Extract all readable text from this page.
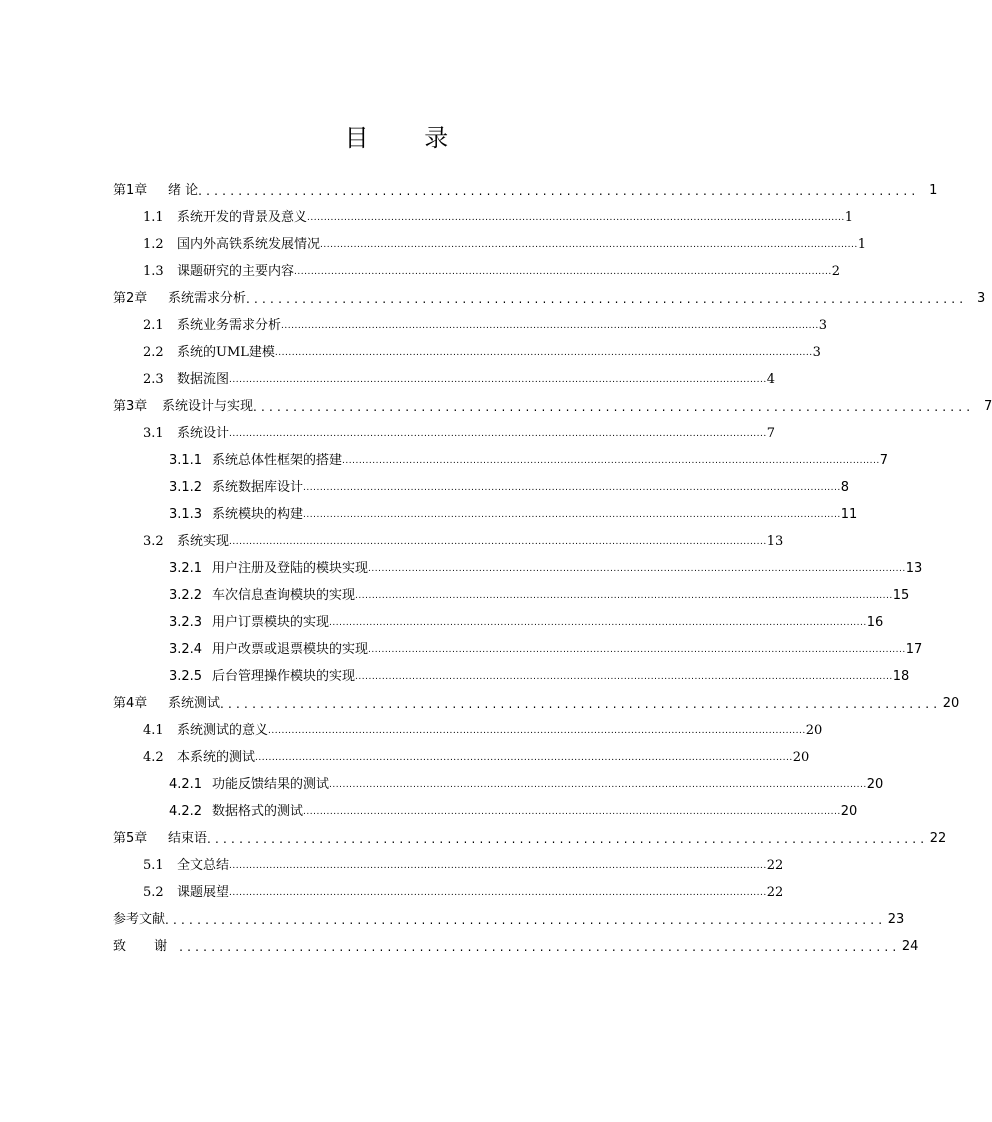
目 录
第1章	绪 论 .......................................................................................... 1
1.1	系统开发的背景及意义 ................................................................................................................................................................ 1
1.2	国内外高铁系统发展情况 ................................................................................................................................................................ 1
1.3	课题研究的主要内容 ................................................................................................................................................................ 2
第2章	系统需求分析 .......................................................................................... 3
2.1	系统业务需求分析 ................................................................................................................................................................ 3
2.2	系统的UML建模 ................................................................................................................................................................ 3
2.3	数据流图 ................................................................................................................................................................ 4
第3章	系统设计与实现 .......................................................................................... 7
3.1	系统设计 ................................................................................................................................................................ 7
3.1.1 系统总体性框架的搭建 ................................................................................................................................................................ 7
3.1.2 系统数据库设计 ................................................................................................................................................................ 8
3.1.3 系统模块的构建 ................................................................................................................................................................ 11
3.2	系统实现 ................................................................................................................................................................ 13
3.2.1 用户注册及登陆的模块实现 ................................................................................................................................................................ 13
3.2.2 车次信息查询模块的实现 ................................................................................................................................................................ 15
3.2.3 用户订票模块的实现 ................................................................................................................................................................ 16
3.2.4 用户改票或退票模块的实现 ................................................................................................................................................................ 17
3.2.5 后台管理操作模块的实现 ................................................................................................................................................................ 18
第4章	系统测试 .......................................................................................... 20
4.1	系统测试的意义 ................................................................................................................................................................ 20
4.2	本系统的测试 ................................................................................................................................................................ 20
4.2.1 功能反馈结果的测试 ................................................................................................................................................................ 20
4.2.2 数据格式的测试 ................................................................................................................................................................ 20
第5章	结束语 .......................................................................................... 22
5.1	全文总结 ................................................................................................................................................................ 22
5.2	课题展望 ................................................................................................................................................................ 22
参考文献 .......................................................................................... 23
致 谢 .......................................................................................... 24
